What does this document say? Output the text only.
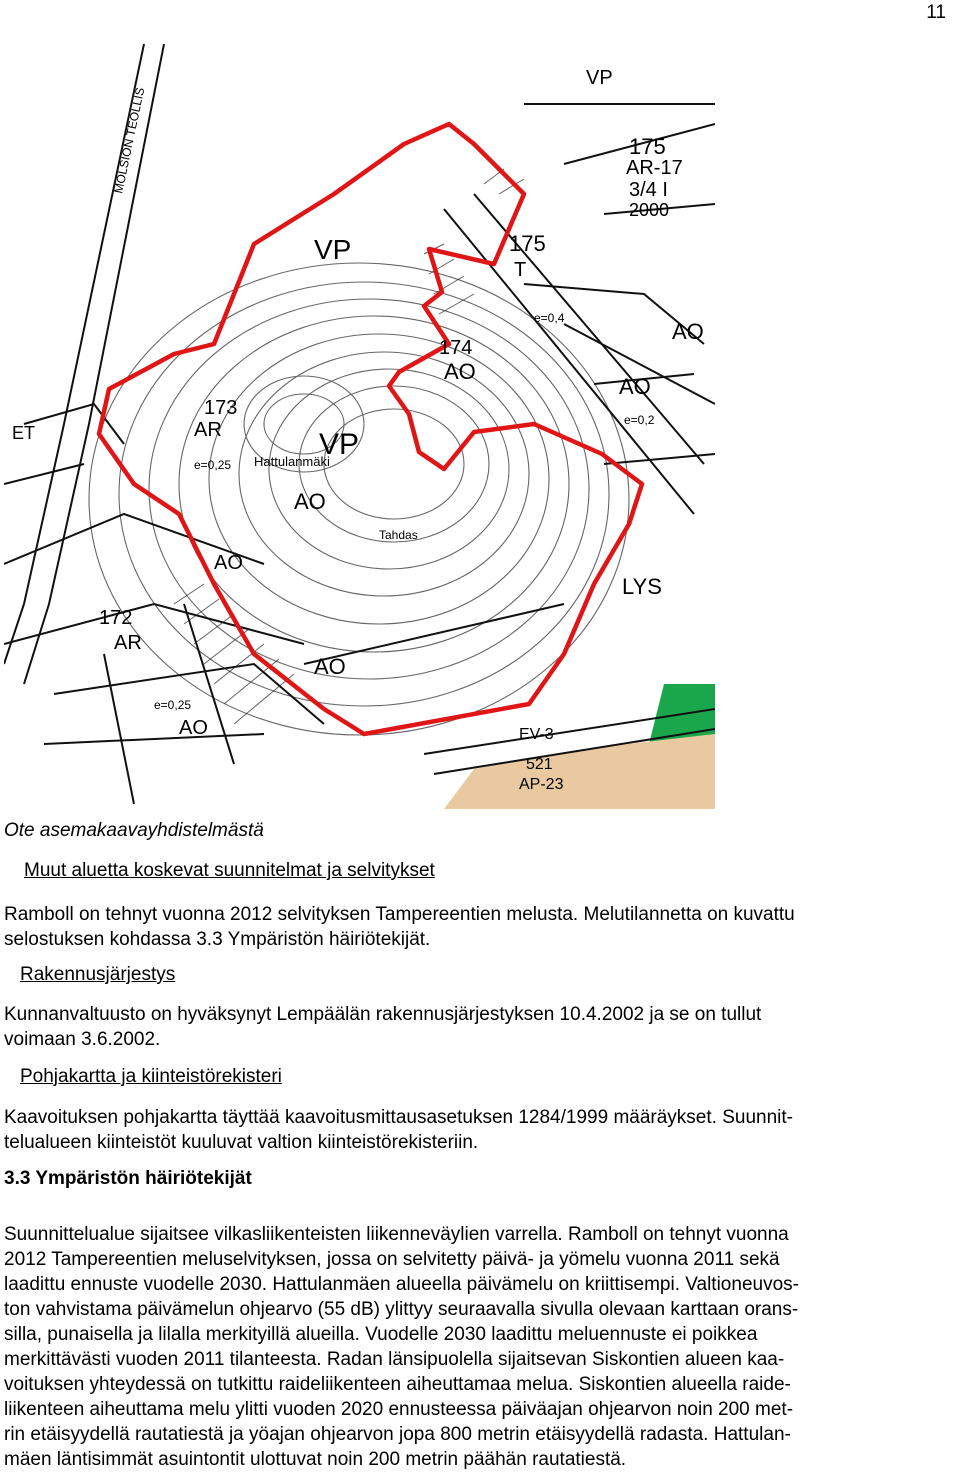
11
VP
175
AR-17
3/4 I
2000
175
T
VP
174
AO
AO
AO
173
AR	VP
Hattulanmäki
AO
Tahdas
LYS
172
AR
AO
AO
EV-3
521
AP-23
AO
e=0,25
e=0,4
e=0,2
e=0,25
ET
MOLSION TEOLLIS
Ote asemakaavayhdistelmästä
Muut aluetta koskevat suunnitelmat ja selvitykset

Ramboll on tehnyt vuonna 2012 selvityksen Tampereentien melusta. Melutilannetta on kuvattu
selostuksen kohdassa 3.3 Ympäristön häiriötekijät.

Rakennusjärjestys

Kunnanvaltuusto on hyväksynyt Lempäälän rakennusjärjestyksen 10.4.2002 ja se on tullut
voimaan 3.6.2002.

Pohjakartta ja kiinteistörekisteri

Kaavoituksen pohjakartta täyttää kaavoitusmittausasetuksen 1284/1999 määräykset. Suunnit-
telualueen kiinteistöt kuuluvat valtion kiinteistörekisteriin.

3.3 Ympäristön häiriötekijät

Suunnittelualue sijaitsee vilkasliikenteisten liikenneväylien varrella. Ramboll on tehnyt vuonna
2012 Tampereentien meluselvityksen, jossa on selvitetty päivä- ja yömelu vuonna 2011 sekä
laadittu ennuste vuodelle 2030. Hattulanmäen alueella päivämelu on kriittisempi. Valtioneuvos-
ton vahvistama päivämelun ohjearvo (55 dB) ylittyy seuraavalla sivulla olevaan karttaan orans-
silla, punaisella ja lilalla merkityillä alueilla. Vuodelle 2030 laadittu meluennuste ei poikkea
merkittävästi vuoden 2011 tilanteesta. Radan länsipuolella sijaitsevan Siskontien alueen kaa-
voituksen yhteydessä on tutkittu raideliikenteen aiheuttamaa melua. Siskontien alueella raide-
liikenteen aiheuttama melu ylitti vuoden 2020 ennusteessa päiväajan ohjearvon noin 200 met-
rin etäisyydellä rautatiestä ja yöajan ohjearvon jopa 800 metrin etäisyydellä radasta. Hattulan-
mäen läntisimmät asuintontit ulottuvat noin 200 metrin päähän rautatiestä.
